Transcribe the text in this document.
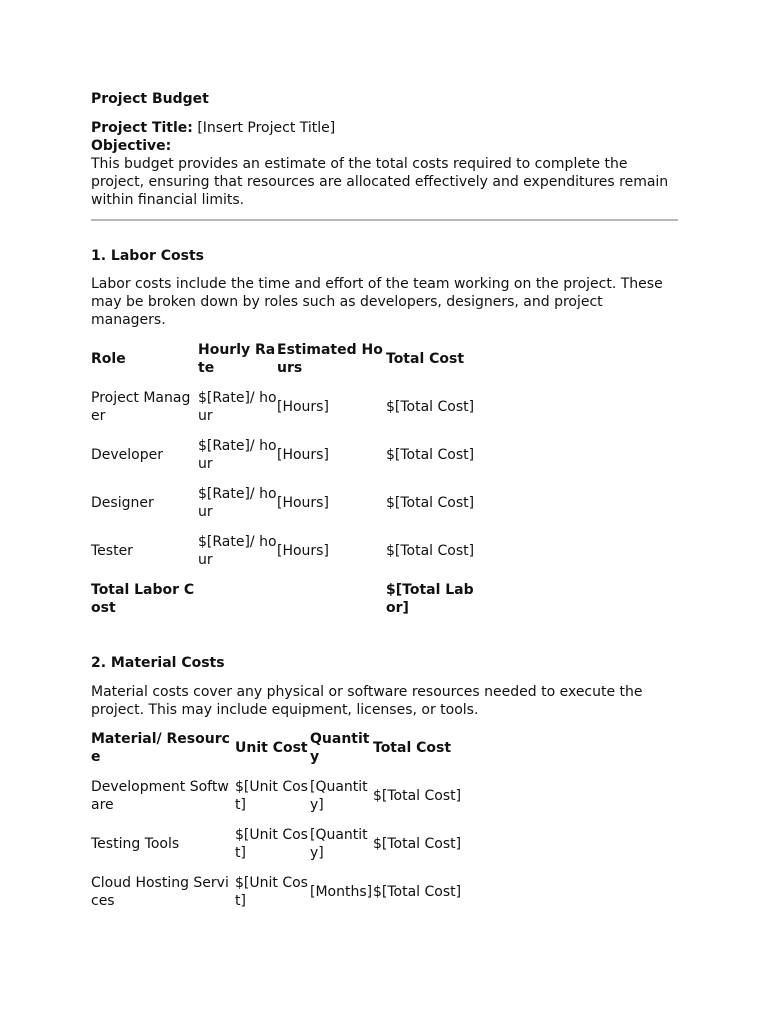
Project Budget
Project Title: [Insert Project Title]
Objective:

This budget provides an estimate of the total costs required to complete the project, ensuring that resources are allocated effectively and expenditures remain within financial limits.

1. Labor Costs

Labor costs include the time and effort of the team working on the project. These may be broken down by roles such as developers, designers, and project managers.

Role	Hourly Rate	Estimated Hours	Total Cost
Project Manager	$[Rate]/ hour	[Hours]	$[Total Cost]
Developer	$[Rate]/ hour	[Hours]	$[Total Cost]
Designer	$[Rate]/ hour	[Hours]	$[Total Cost]
Tester	$[Rate]/ hour	[Hours]	$[Total Cost]
Total Labor Cost			$[Total Labor]
2. Material Costs

Material costs cover any physical or software resources needed to execute the project. This may include equipment, licenses, or tools.

Material/ Resource	Unit Cost	Quantity	Total Cost
Development Software	$[Unit Cost]	[Quantity]	$[Total Cost]
Testing Tools	$[Unit Cost]	[Quantity]	$[Total Cost]
Cloud Hosting Services	$[Unit Cost]	[Months]	$[Total Cost]
